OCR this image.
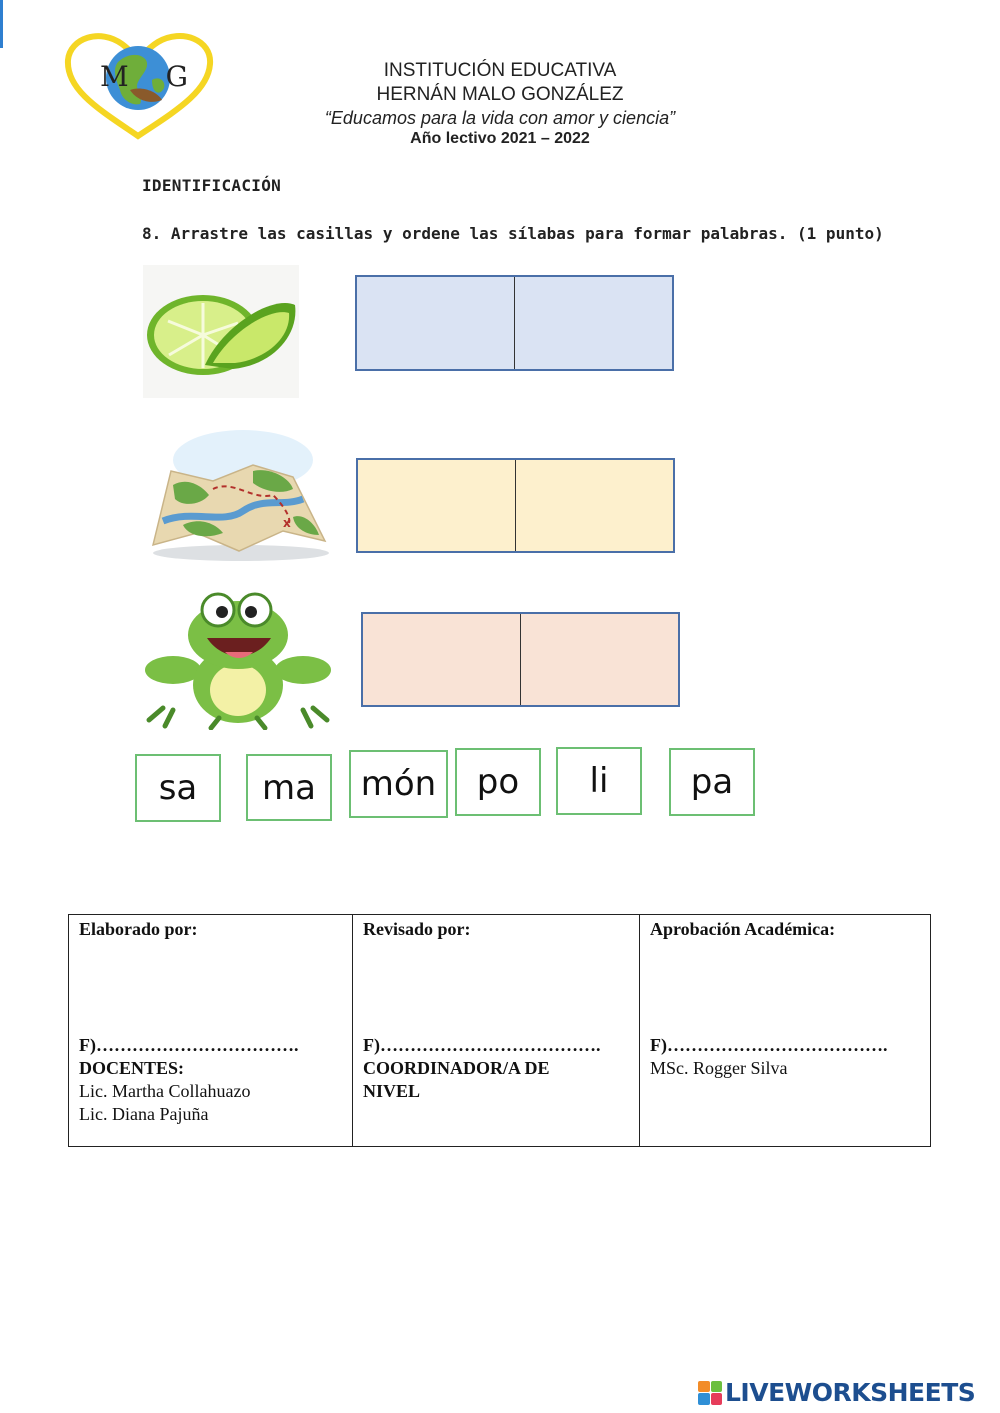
M G	INSTITUCIÓN EDUCATIVA
HERNÁN MALO GONZÁLEZ
“Educamos para la vida con amor y ciencia”
Año lectivo 2021 – 2022
IDENTIFICACIÓN
8. Arrastre las casillas y ordene las sílabas para formar palabras. (1 punto)
x
sa	ma	món	po	li	pa
Elaborado por:
F)…………………………….
DOCENTES:
Lic. Martha Collahuazo
Lic. Diana Pajuña

Revisado por:
F)……………………………….
COORDINADOR/A DE
NIVEL

Aprobación Académica:
F)……………………………….
MSc. Rogger Silva
LIVEWORKSHEETS
